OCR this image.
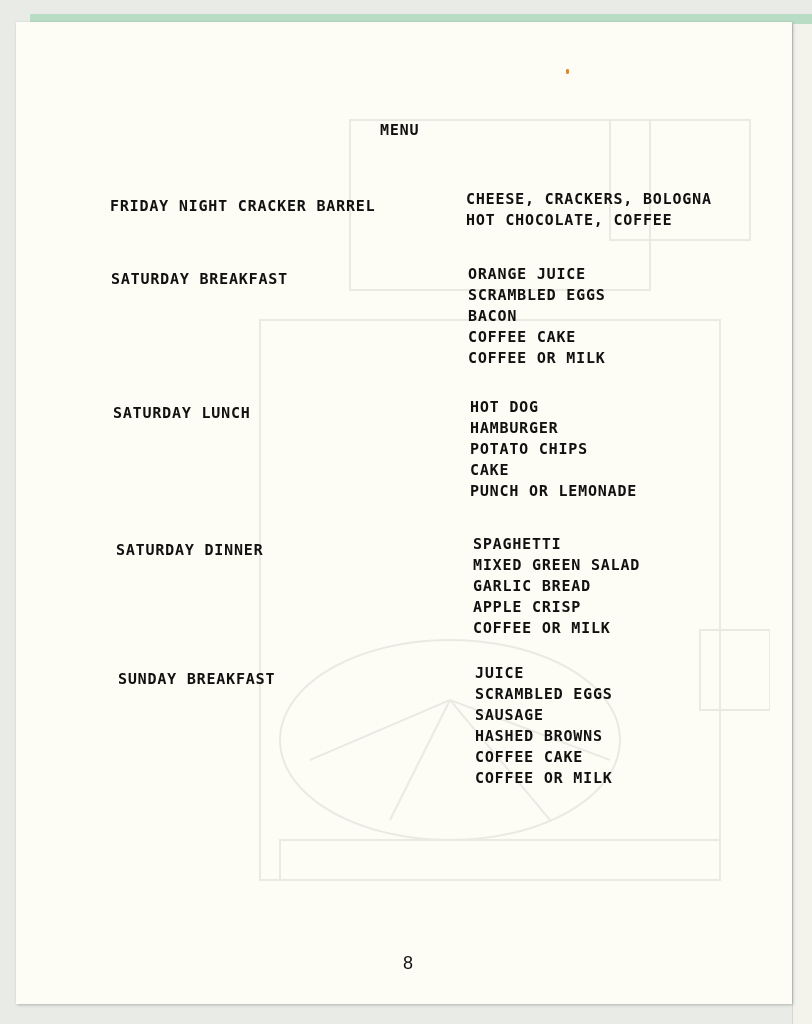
MENU

FRIDAY NIGHT CRACKER BARREL	CHEESE, CRACKERS, BOLOGNA
HOT CHOCOLATE, COFFEE

SATURDAY BREAKFAST	ORANGE JUICE
SCRAMBLED EGGS
BACON
COFFEE CAKE
COFFEE OR MILK

SATURDAY LUNCH	HOT DOG
HAMBURGER
POTATO CHIPS
CAKE
PUNCH OR LEMONADE

SATURDAY DINNER	SPAGHETTI
MIXED GREEN SALAD
GARLIC BREAD
APPLE CRISP
COFFEE OR MILK

SUNDAY BREAKFAST	JUICE
SCRAMBLED EGGS
SAUSAGE
HASHED BROWNS
COFFEE CAKE
COFFEE OR MILK

8
